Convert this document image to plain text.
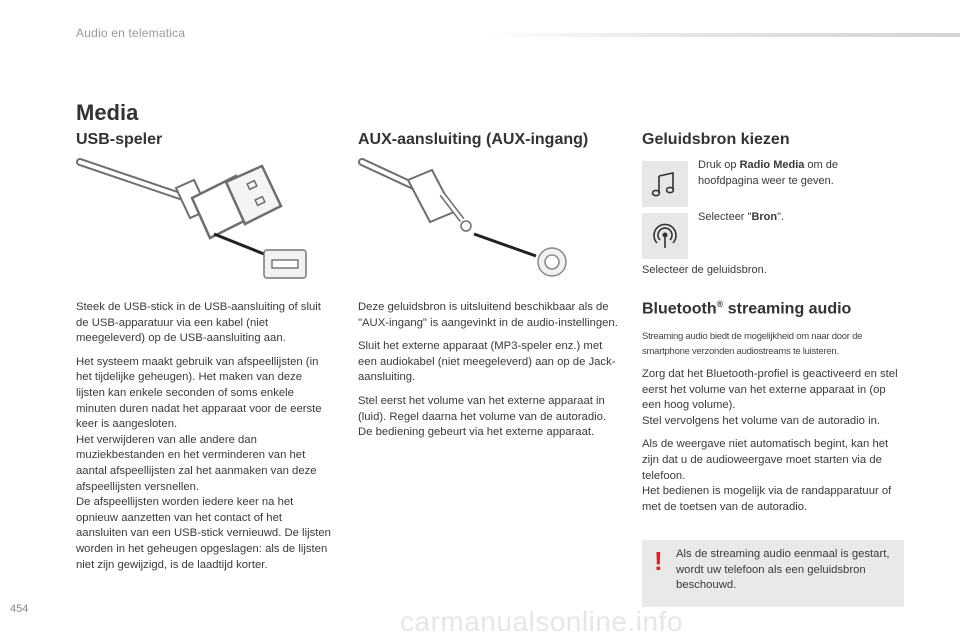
Audio en telematica
Media
USB-speler

Steek de USB-stick in de USB-aansluiting of sluit de USB-apparatuur via een kabel (niet meegeleverd) op de USB-aansluiting aan.

Het systeem maakt gebruik van afspeellijsten (in het tijdelijke geheugen). Het maken van deze lijsten kan enkele seconden of soms enkele minuten duren nadat het apparaat voor de eerste keer is aangesloten.

Het verwijderen van alle andere dan muziekbestanden en het verminderen van het aantal afspeellijsten zal het aanmaken van deze afspeellijsten versnellen.

De afspeellijsten worden iedere keer na het opnieuw aanzetten van het contact of het aansluiten van een USB-stick vernieuwd. De lijsten worden in het geheugen opgeslagen: als de lijsten niet zijn gewijzigd, is de laadtijd korter.

AUX-aansluiting (AUX-ingang)

Deze geluidsbron is uitsluitend beschikbaar als de "AUX-ingang" is aangevinkt in de audio-instellingen.

Sluit het externe apparaat (MP3-speler enz.) met een audiokabel (niet meegeleverd) aan op de Jack-aansluiting.

Stel eerst het volume van het externe apparaat in (luid). Regel daarna het volume van de autoradio.

De bediening gebeurt via het externe apparaat.

Geluidsbron kiezen
Druk op Radio Media om de hoofdpagina weer te geven.
Selecteer "Bron".
Selecteer de geluidsbron.
Bluetooth® streaming audio
Streaming audio biedt de mogelijkheid om naar door de smartphone verzonden audiostreams te luisteren.

Zorg dat het Bluetooth-profiel is geactiveerd en stel eerst het volume van het externe apparaat in (op een hoog volume).

Stel vervolgens het volume van de autoradio in.

Als de weergave niet automatisch begint, kan het zijn dat u de audioweergave moet starten via de telefoon.

Het bedienen is mogelijk via de randapparatuur of met de toetsen van de autoradio.

! Als de streaming audio eenmaal is gestart, wordt uw telefoon als een geluidsbron beschouwd.
454	carmanualsonline.info
